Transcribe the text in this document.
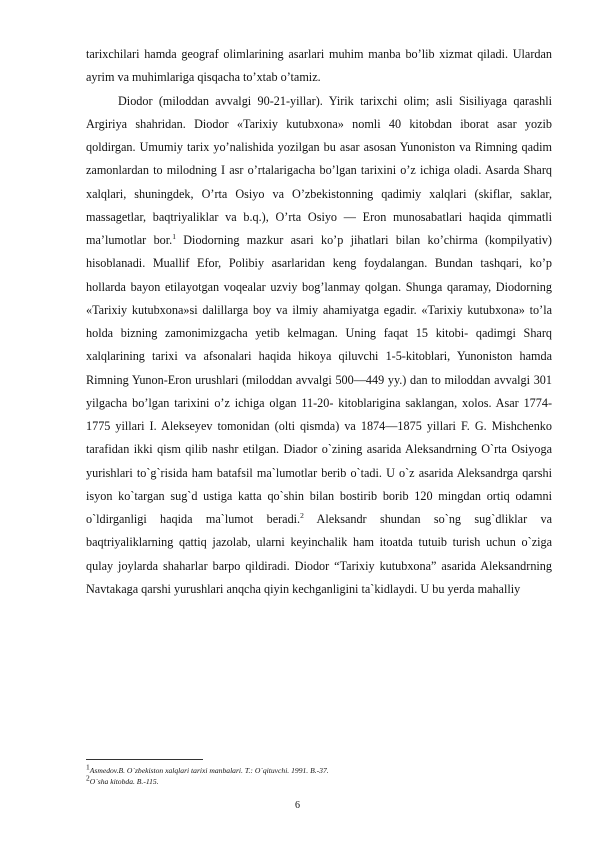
tarixchilari hamda geograf olimlarining asarlari muhim manba bo’lib xizmat qiladi. Ulardan ayrim va muhimlariga qisqacha to’xtab o’tamiz.

Diodor (miloddan avvalgi 90-21-yillar). Yirik tarixchi olim; asli Sisiliyaga qarashli Argiriya shahridan. Diodor «Tarixiy kutubxona» nomli 40 kitobdan iborat asar yozib qoldirgan. Umumiy tarix yo’nalishida yozilgan bu asar asosan Yunoniston va Rimning qadim zamonlardan to milodning I asr o’rtalarigacha bo’lgan tarixini o’z ichiga oladi. Asarda Sharq xalqlari, shuningdek, O’rta Osiyo va O’zbekistonning qadimiy xalqlari (skiflar, saklar, massagetlar, baqtriyaliklar va b.q.), O’rta Osiyo — Eron munosabatlari haqida qimmatli ma’lumotlar bor.$^1$ Diodorning mazkur asari ko’p jihatlari bilan ko’chirma (kompilyativ) hisoblanadi. Muallif Efor, Polibiy asarlaridan keng foydalangan. Bundan tashqari, ko’p hollarda bayon etilayotgan voqealar uzviy bog’lanmay qolgan. Shunga qaramay, Diodorning «Tarixiy kutubxona»si dalillarga boy va ilmiy ahamiyatga egadir. «Tarixiy kutubxona» to’la holda bizning zamonimizgacha yetib kelmagan. Uning faqat 15 kitobi- qadimgi Sharq xalqlarining tarixi va afsonalari haqida hikoya qiluvchi 1-5-kitoblari, Yunoniston hamda Rimning Yunon-Eron urushlari (miloddan avvalgi 500—449 yy.) dan to miloddan avvalgi 301 yilgacha bo’lgan tarixini o’z ichiga olgan 11-20- kitoblarigina saklangan, xolos. Asar 1774-1775 yillari I. Alekseyev tomonidan (olti qismda) va 1874—1875 yillari F. G. Mishchenko tarafidan ikki qism qilib nashr etilgan. Diador o`zining asarida Aleksandrning O`rta Osiyoga yurishlari to`g`risida ham batafsil ma`lumotlar berib o`tadi. U o`z asarida Aleksandrga qarshi isyon ko`targan sug`d ustiga katta qo`shin bilan bostirib borib 120 mingdan ortiq odamni o`ldirganligi haqida ma`lumot beradi.$^2$ Aleksandr shundan so`ng sug`dliklar va baqtriyaliklarning qattiq jazolab, ularni keyinchalik ham itoatda tutuib turish uchun o`ziga qulay joylarda shaharlar barpo qildiradi. Diodor “Tarixiy kutubxona” asarida Aleksandrning Navtakaga qarshi yurushlari anqcha qiyin kechganligini ta`kidlaydi. U bu yerda mahalliy

$^1$Asmedov.B. O`zbekiston xalqlari tarixi manbalari. T.: O`qituvchi. 1991. B.-37.
$^2$O`sha kitobda. B.-115.
6
